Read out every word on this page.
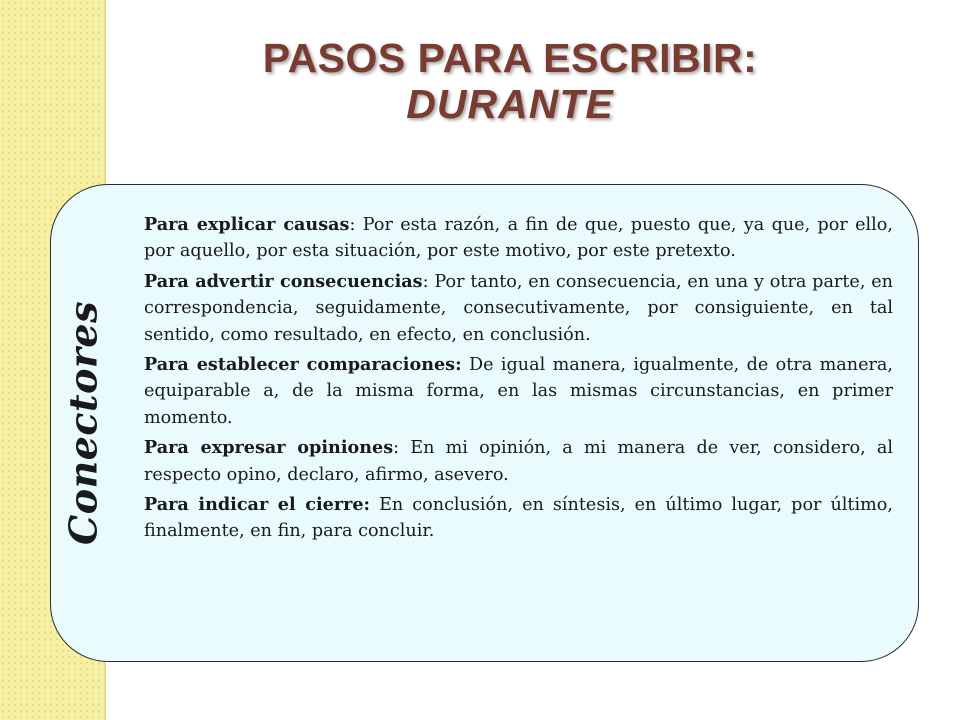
PASOS PARA ESCRIBIR:
DURANTE
Conectores

Para explicar causas: Por esta razón, a fin de que, puesto que, ya que, por ello, por aquello, por esta situación, por este motivo, por este pretexto.

Para advertir consecuencias: Por tanto, en consecuencia, en una y otra parte, en correspondencia, seguidamente, consecutivamente, por consiguiente, en tal sentido, como resultado, en efecto, en conclusión.

Para establecer comparaciones: De igual manera, igualmente, de otra manera, equiparable a, de la misma forma, en las mismas circunstancias, en primer momento.

Para expresar opiniones: En mi opinión, a mi manera de ver, considero, al respecto opino, declaro, afirmo, asevero.

Para indicar el cierre: En conclusión, en síntesis, en último lugar, por último, finalmente, en fin, para concluir.
